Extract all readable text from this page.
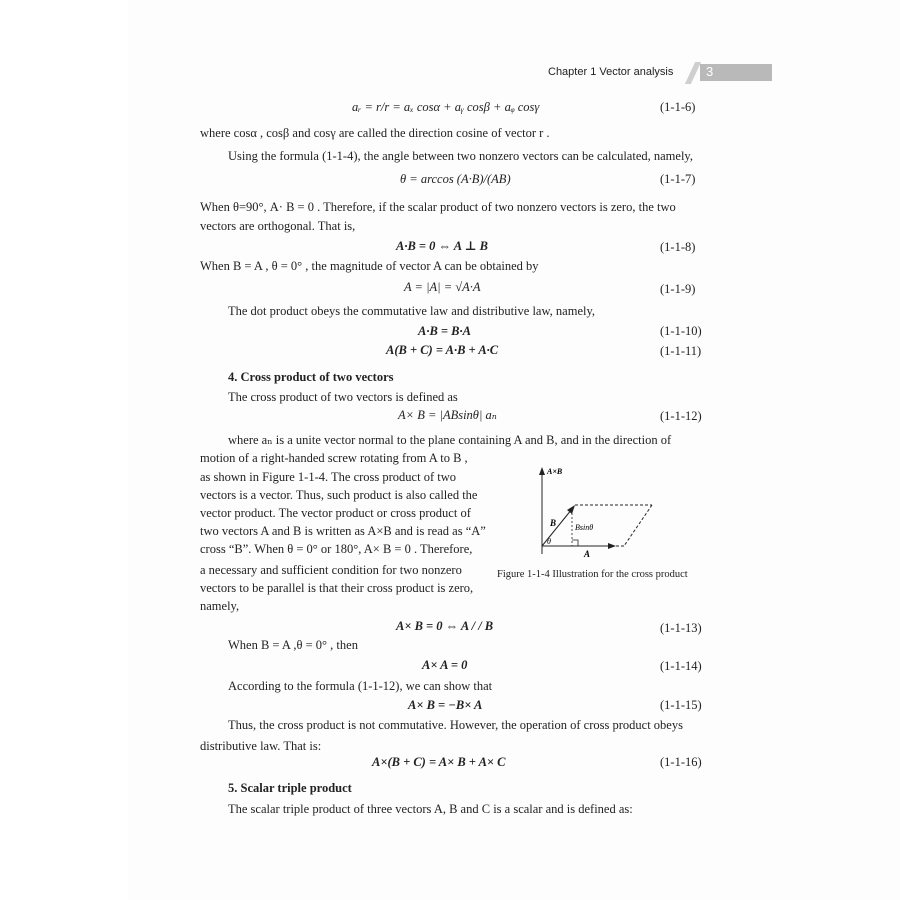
Chapter 1 Vector analysis	3
aᵣ = r/r = aₓ cosα + aᵧ cosβ + aᵩ cosγ	(1-1-6)
where cosα , cosβ and cosγ are called the direction cosine of vector r .
Using the formula (1-1-4), the angle between two nonzero vectors can be calculated, namely,
θ = arccos (A·B)/(AB)	(1-1-7)
When θ=90°, A· B = 0 . Therefore, if the scalar product of two nonzero vectors is zero, the two
vectors are orthogonal. That is,
A·B = 0 ⇔ A ⊥ B	(1-1-8)
When B = A , θ = 0° , the magnitude of vector A can be obtained by
A = |A| = √A·A	(1-1-9)
The dot product obeys the commutative law and distributive law, namely,
A·B = B·A	(1-1-10)
A(B + C) = A·B + A·C	(1-1-11)
4. Cross product of two vectors
The cross product of two vectors is defined as
A× B = |ABsinθ| aₙ	(1-1-12)
where aₙ is a unite vector normal to the plane containing A and B, and in the direction of
motion of a right-handed screw rotating from A to B ,
as shown in Figure 1-1-4. The cross product of two
vectors is a vector. Thus, such product is also called the
vector product. The vector product or cross product of
two vectors A and B is written as A×B and is read as “A”
cross “B”. When θ = 0° or 180°, A× B = 0 . Therefore,
a necessary and sufficient condition for two nonzero
vectors to be parallel is that their cross product is zero,
namely,
A×B
B Bsinθ
θ
A
Figure 1-1-4 Illustration for the cross product
A× B = 0 ⇔ A / / B	(1-1-13)
When B = A ,θ = 0° , then
A× A = 0	(1-1-14)
According to the formula (1-1-12), we can show that
A× B = −B× A	(1-1-15)
Thus, the cross product is not commutative. However, the operation of cross product obeys
distributive law. That is:
A×(B + C) = A× B + A× C	(1-1-16)
5. Scalar triple product
The scalar triple product of three vectors A, B and C is a scalar and is defined as:
